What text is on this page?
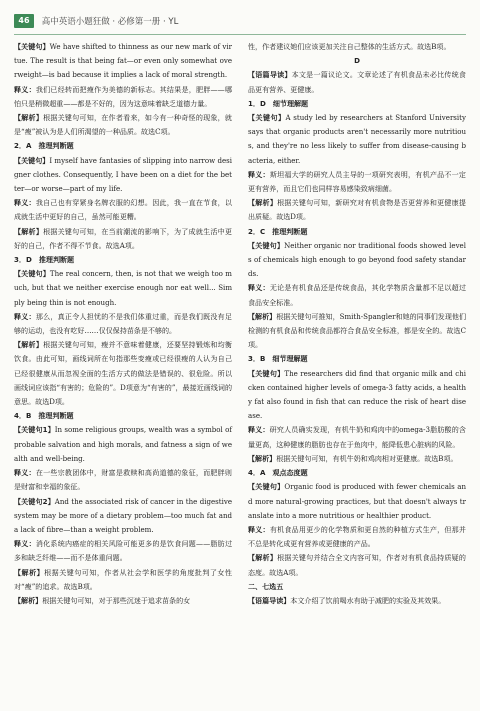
46 高中英语小题狂做 · 必修第一册 · YL

【关键句】We have shifted to thinness as our new mark of virtue. The result is that being fat—or even only somewhat overweight—is bad because it implies a lack of moral strength.

释义：我们已经转而把瘦作为美德的新标志。其结果是，肥胖——哪怕只是稍微超重——都是不好的，因为这意味着缺乏道德力量。

【解析】根据关键句可知，在作者看来，如今有一种奇怪的现象，就是“瘦”被认为是人们所渴望的一种品质。故选C项。

2．A　推理判断题

【关键句】I myself have fantasies of slipping into narrow designer clothes. Consequently, I have been on a diet for the better—or worse—part of my life.

释义：我自己也有穿紧身名牌衣服的幻想。因此，我一直在节食，以成就生活中更好的自己，虽然可能更糟。

【解析】根据关键句可知，在当前潮流的影响下，为了成就生活中更好的自己，作者不得不节食。故选A项。

3．D　推理判断题

【关键句】The real concern, then, is not that we weigh too much, but that we neither exercise enough nor eat well... Simply being thin is not enough.

释义：那么，真正令人担忧的不是我们体重过重，而是我们既没有足够的运动，也没有吃好……仅仅保持苗条是不够的。

【解析】根据关键句可知，瘦并不意味着健康，还要坚持锻炼和均衡饮食。由此可知，画线词所在句指那些变瘦或已经很瘦的人认为自己已经很健康从而忽视全面的生活方式的做法是错误的、很危险。所以画线词应该指“有害的；危险的”。D项意为“有害的”，最接近画线词的意思。故选D项。

4．B　推理判断题

【关键句1】In some religious groups, wealth was a symbol of probable salvation and high morals, and fatness a sign of wealth and well-being.

释义：在一些宗教团体中，财富是救赎和高尚道德的象征，而肥胖则是财富和幸福的象征。

【关键句2】And the associated risk of cancer in the digestive system may be more of a dietary problem—too much fat and a lack of fibre—than a weight problem.

释义：消化系统内癌症的相关风险可能更多的是饮食问题——脂肪过多和缺乏纤维——而不是体重问题。

【解析】根据关键句可知，作者从社会学和医学的角度批判了女性对“瘦”的追求。故选B项。

【解析】根据关键句可知，对于那些沉迷于追求苗条的女

性，作者建议她们应该更加关注自己整体的生活方式。故选B项。

D

【语篇导读】本文是一篇议论文。文章论述了有机食品未必比传统食品更有营养、更健康。

1．D　细节理解题

【关键句】A study led by researchers at Stanford University says that organic products aren't necessarily more nutritious, and they're no less likely to suffer from disease-causing bacteria, either.

释义：斯坦福大学的研究人员主导的一项研究表明，有机产品不一定更有营养，而且它们也同样容易感染致病细菌。

【解析】根据关键句可知，新研究对有机食物是否更营养和更健康提出质疑。故选D项。

2．C　推理判断题

【关键句】Neither organic nor traditional foods showed levels of chemicals high enough to go beyond food safety standards.

释义：无论是有机食品还是传统食品，其化学物质含量都不足以超过食品安全标准。

【解析】根据关键句可推知，Smith-Spangler和她的同事们发现他们检测的有机食品和传统食品都符合食品安全标准，都是安全的。故选C项。

3．B　细节理解题

【关键句】The researchers did find that organic milk and chicken contained higher levels of omega-3 fatty acids, a healthy fat also found in fish that can reduce the risk of heart disease.

释义：研究人员确实发现，有机牛奶和鸡肉中的omega-3脂肪酸的含量更高，这种健康的脂肪也存在于鱼肉中，能降低患心脏病的风险。

【解析】根据关键句可知，有机牛奶和鸡肉相对更健康。故选B项。

4．A　观点态度题

【关键句】Organic food is produced with fewer chemicals and more natural-growing practices, but that doesn't always translate into a more nutritious or healthier product.

释义：有机食品用更少的化学物质和更自然的种植方式生产，但那并不总是转化成更有营养或更健康的产品。

【解析】根据关键句并结合全文内容可知，作者对有机食品持质疑的态度。故选A项。

二、七选五

【语篇导读】本文介绍了饮前喝水有助于减肥的实验及其效果。
